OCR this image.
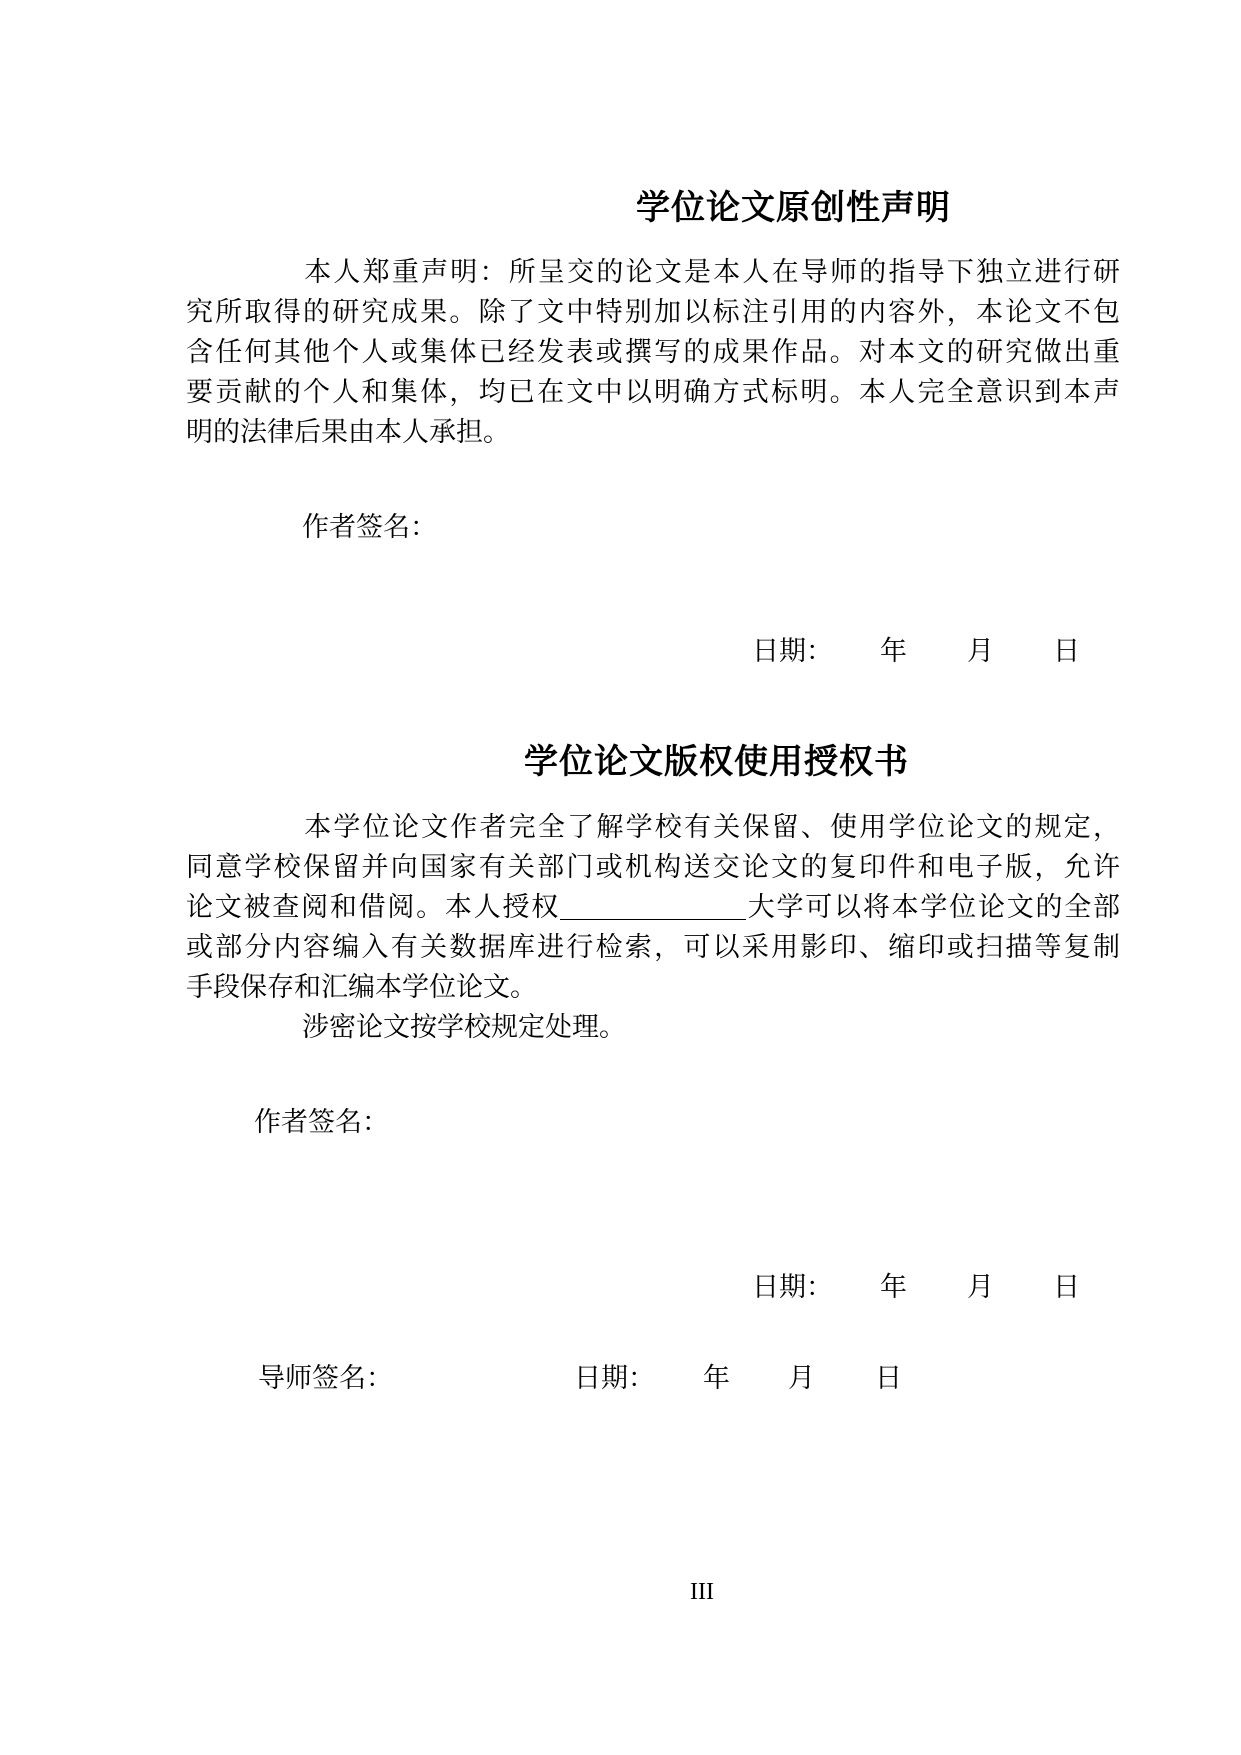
学位论文原创性声明
本人郑重声明：所呈交的论文是本人在导师的指导下独立进行研
究所取得的研究成果。除了文中特别加以标注引用的内容外，本论文不包
含任何其他个人或集体已经发表或撰写的成果作品。对本文的研究做出重
要贡献的个人和集体，均已在文中以明确方式标明。本人完全意识到本声
明的法律后果由本人承担。
作者签名：
日期： 年 月 日
学位论文版权使用授权书
本学位论文作者完全了解学校有关保留、使用学位论文的规定，
同意学校保留并向国家有关部门或机构送交论文的复印件和电子版，允许
论文被查阅和借阅。本人授权	大学可以将本学位论文的全部
或部分内容编入有关数据库进行检索，可以采用影印、缩印或扫描等复制
手段保存和汇编本学位论文。
涉密论文按学校规定处理。
作者签名：
日期： 年 月 日
导师签名：	日期： 年 月 日
III
